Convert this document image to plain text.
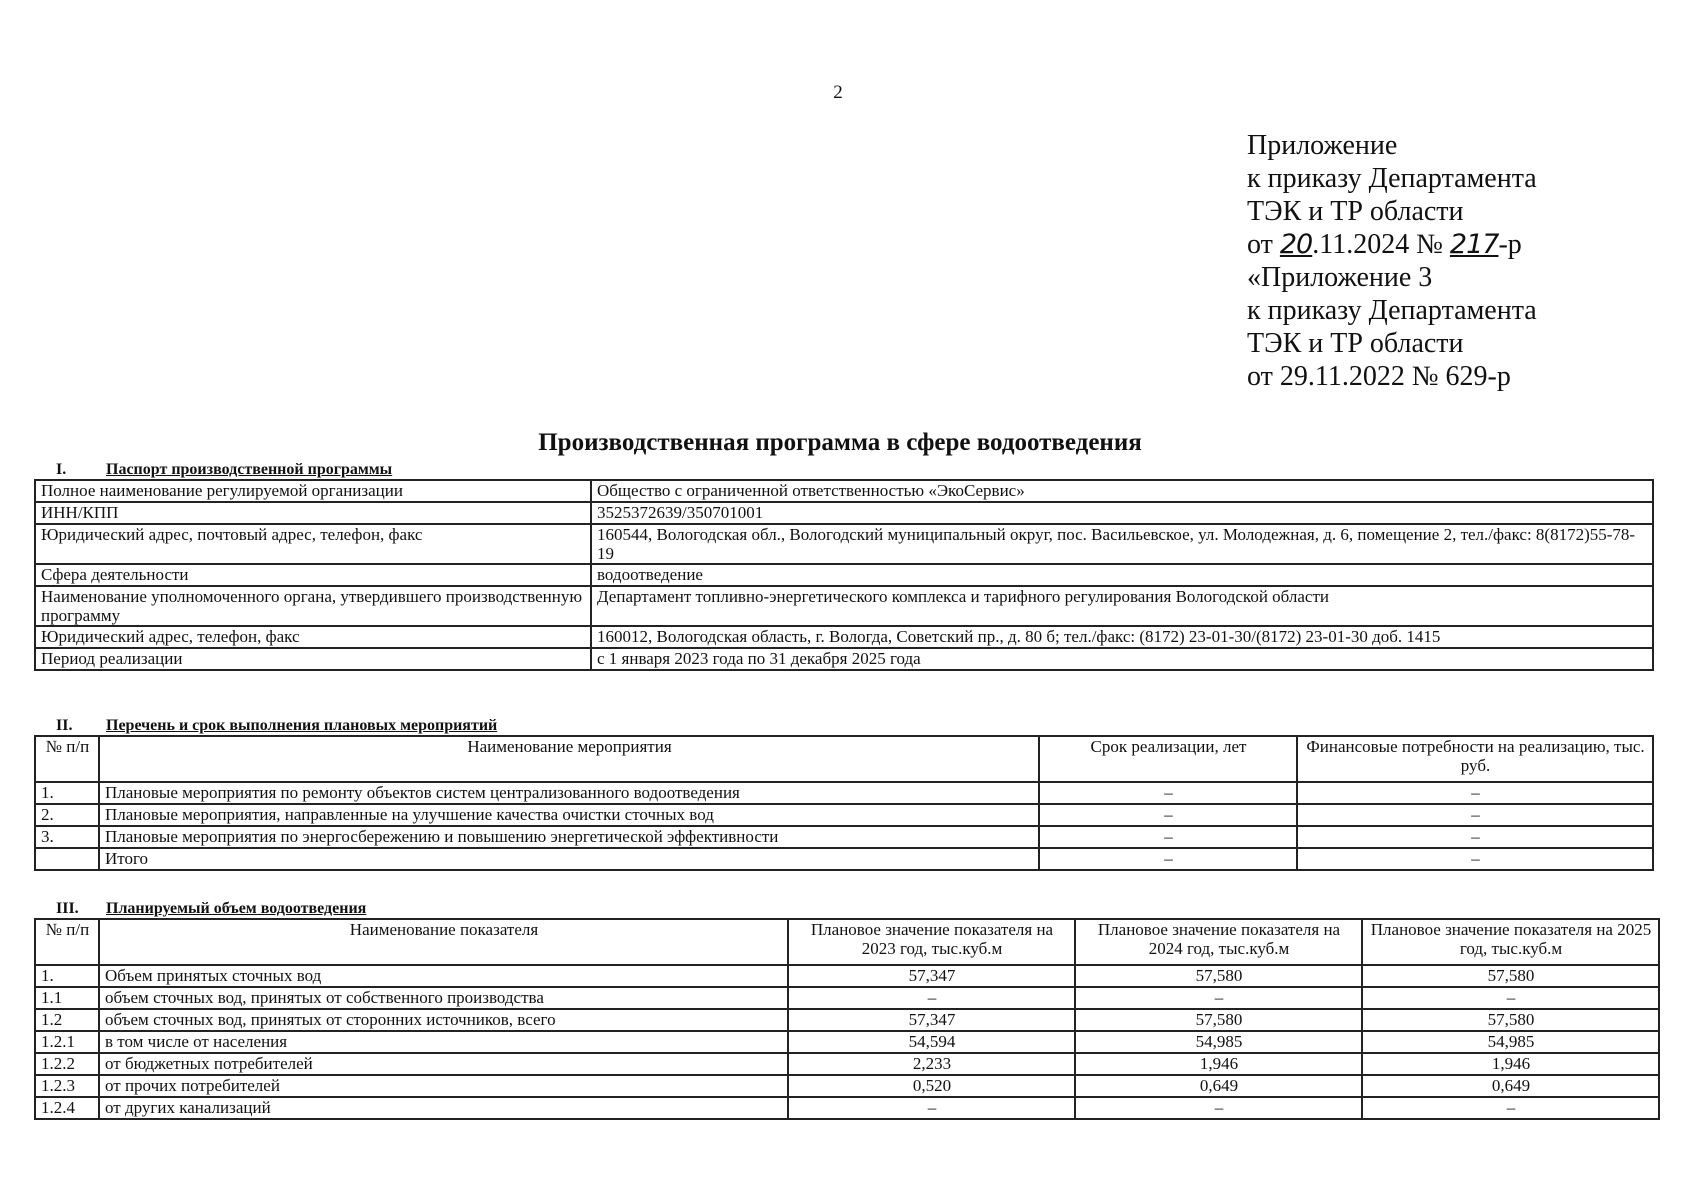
2
Приложение
к приказу Департамента
ТЭК и ТР области
от 20.11.2024 № 217-р
«Приложение 3
к приказу Департамента
ТЭК и ТР области
от 29.11.2022 № 629-р
Производственная программа в сфере водоотведения
I. Паспорт производственной программы
Полное наименование регулируемой организации	Общество с ограниченной ответственностью «ЭкоСервис»
ИНН/КПП	3525372639/350701001
Юридический адрес, почтовый адрес, телефон, факс	160544, Вологодская обл., Вологодский муниципальный округ, пос. Васильевское, ул. Молодежная, д. 6, помещение 2, тел./факс: 8(8172)55-78-19
Сфера деятельности	водоотведение
Наименование уполномоченного органа, утвердившего производственную программу	Департамент топливно-энергетического комплекса и тарифного регулирования Вологодской области
Юридический адрес, телефон, факс	160012, Вологодская область, г. Вологда, Советский пр., д. 80 б; тел./факс: (8172) 23-01-30/(8172) 23-01-30 доб. 1415
Период реализации	с 1 января 2023 года по 31 декабря 2025 года
II. Перечень и срок выполнения плановых мероприятий
№ п/п	Наименование мероприятия	Срок реализации, лет	Финансовые потребности на реализацию, тыс. руб.
1.	Плановые мероприятия по ремонту объектов систем централизованного водоотведения	–	–
2.	Плановые мероприятия, направленные на улучшение качества очистки сточных вод	–	–
3.	Плановые мероприятия по энергосбережению и повышению энергетической эффективности	–	–
	Итого	–	–
III. Планируемый объем водоотведения
№ п/п	Наименование показателя	Плановое значение показателя на 2023 год, тыс.куб.м	Плановое значение показателя на 2024 год, тыс.куб.м	Плановое значение показателя на 2025 год, тыс.куб.м
1.	Объем принятых сточных вод	57,347	57,580	57,580
1.1	объем сточных вод, принятых от собственного производства	–	–	–
1.2	объем сточных вод, принятых от сторонних источников, всего	57,347	57,580	57,580
1.2.1	в том числе от населения	54,594	54,985	54,985
1.2.2	от бюджетных потребителей	2,233	1,946	1,946
1.2.3	от прочих потребителей	0,520	0,649	0,649
1.2.4	от других канализаций	–	–	–
